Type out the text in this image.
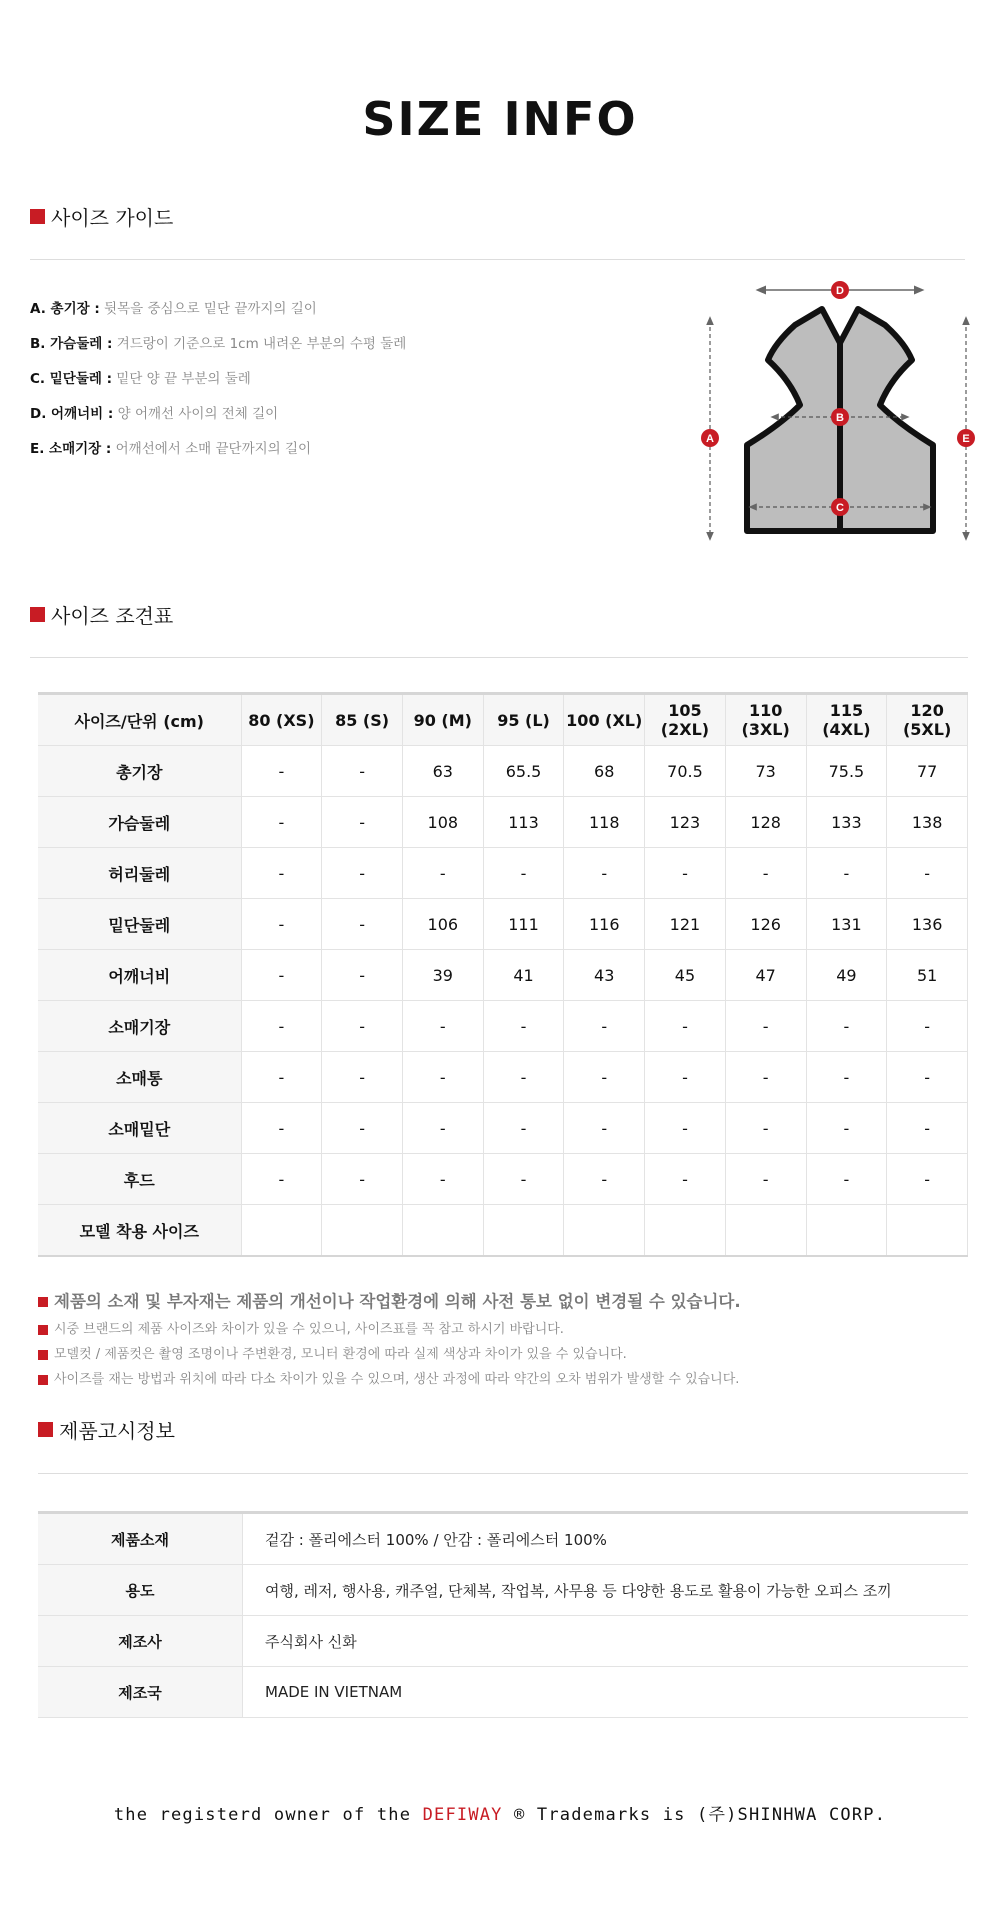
SIZE INFO
사이즈 가이드
A. 총기장 : 뒷목을 중심으로 밑단 끝까지의 길이
B. 가슴둘레 : 겨드랑이 기준으로 1cm 내려온 부분의 수평 둘레
C. 밑단둘레 : 밑단 양 끝 부분의 둘레
D. 어깨너비 : 양 어깨선 사이의 전체 길이
E. 소매기장 : 어깨선에서 소매 끝단까지의 길이
D
B
C
A	E
사이즈 조견표
사이즈/단위 (cm)	80 (XS)	85 (S)	90 (M)	95 (L)	100 (XL)	105 (2XL)	110 (3XL)	115 (4XL)	120 (5XL)
총기장	-	-	63	65.5	68	70.5	73	75.5	77
가슴둘레	-	-	108	113	118	123	128	133	138
허리둘레	-	-	-	-	-	-	-	-	-
밑단둘레	-	-	106	111	116	121	126	131	136
어깨너비	-	-	39	41	43	45	47	49	51
소매기장	-	-	-	-	-	-	-	-	-
소매통	-	-	-	-	-	-	-	-	-
소매밑단	-	-	-	-	-	-	-	-	-
후드	-	-	-	-	-	-	-	-	-
모델 착용 사이즈									
제품의 소재 및 부자재는 제품의 개선이나 작업환경에 의해 사전 통보 없이 변경될 수 있습니다.
시중 브랜드의 제품 사이즈와 차이가 있을 수 있으니, 사이즈표를 꼭 참고 하시기 바랍니다.
모델컷 / 제품컷은 촬영 조명이나 주변환경, 모니터 환경에 따라 실제 색상과 차이가 있을 수 있습니다.
사이즈를 재는 방법과 위치에 따라 다소 차이가 있을 수 있으며, 생산 과정에 따라 약간의 오차 범위가 발생할 수 있습니다.
제품고시정보
제품소재	겉감 : 폴리에스터 100% / 안감 : 폴리에스터 100%
용도	여행, 레저, 행사용, 캐주얼, 단체복, 작업복, 사무용 등 다양한 용도로 활용이 가능한 오피스 조끼
제조사	주식회사 신화
제조국	MADE IN VIETNAM
the registerd owner of the DEFIWAY ® Trademarks is (주)SHINHWA CORP.
